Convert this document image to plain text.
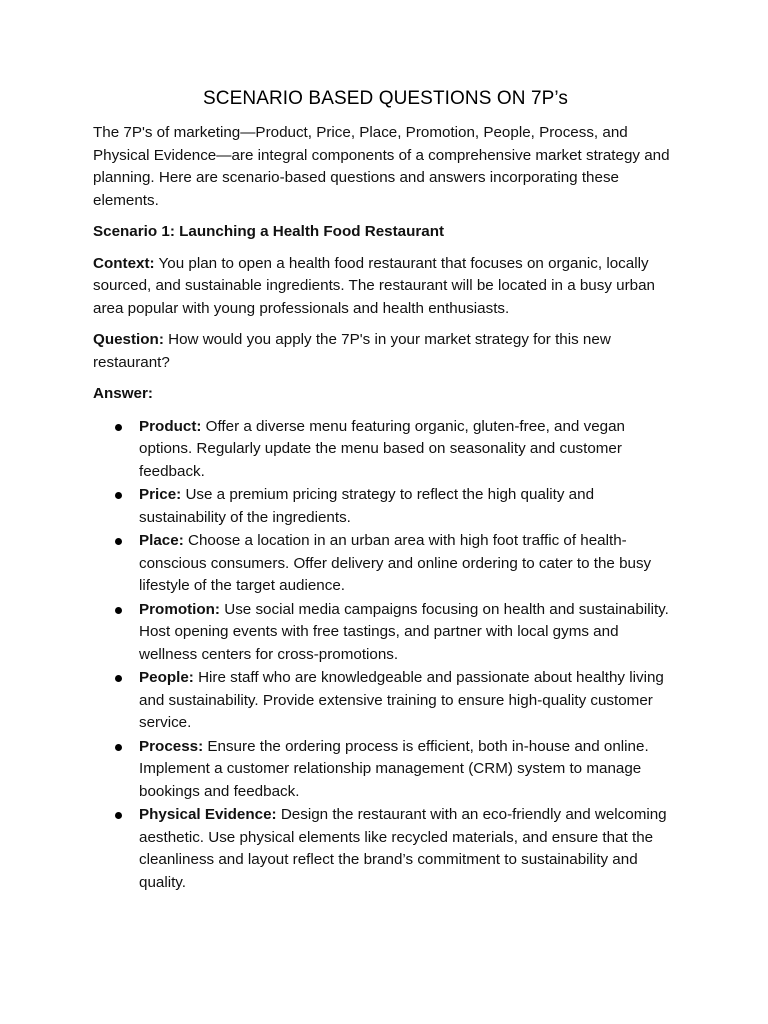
SCENARIO BASED QUESTIONS ON 7P’s

The 7P's of marketing—Product, Price, Place, Promotion, People, Process, and Physical Evidence—are integral components of a comprehensive market strategy and planning. Here are scenario-based questions and answers incorporating these elements.

Scenario 1: Launching a Health Food Restaurant

Context: You plan to open a health food restaurant that focuses on organic, locally sourced, and sustainable ingredients. The restaurant will be located in a busy urban area popular with young professionals and health enthusiasts.

Question: How would you apply the 7P's in your market strategy for this new restaurant?

Answer:

Product: Offer a diverse menu featuring organic, gluten-free, and vegan options. Regularly update the menu based on seasonality and customer feedback.
Price: Use a premium pricing strategy to reflect the high quality and sustainability of the ingredients.
Place: Choose a location in an urban area with high foot traffic of health-conscious consumers. Offer delivery and online ordering to cater to the busy lifestyle of the target audience.
Promotion: Use social media campaigns focusing on health and sustainability. Host opening events with free tastings, and partner with local gyms and wellness centers for cross-promotions.
People: Hire staff who are knowledgeable and passionate about healthy living and sustainability. Provide extensive training to ensure high-quality customer service.
Process: Ensure the ordering process is efficient, both in-house and online. Implement a customer relationship management (CRM) system to manage bookings and feedback.
Physical Evidence: Design the restaurant with an eco-friendly and welcoming aesthetic. Use physical elements like recycled materials, and ensure that the cleanliness and layout reflect the brand’s commitment to sustainability and quality.
